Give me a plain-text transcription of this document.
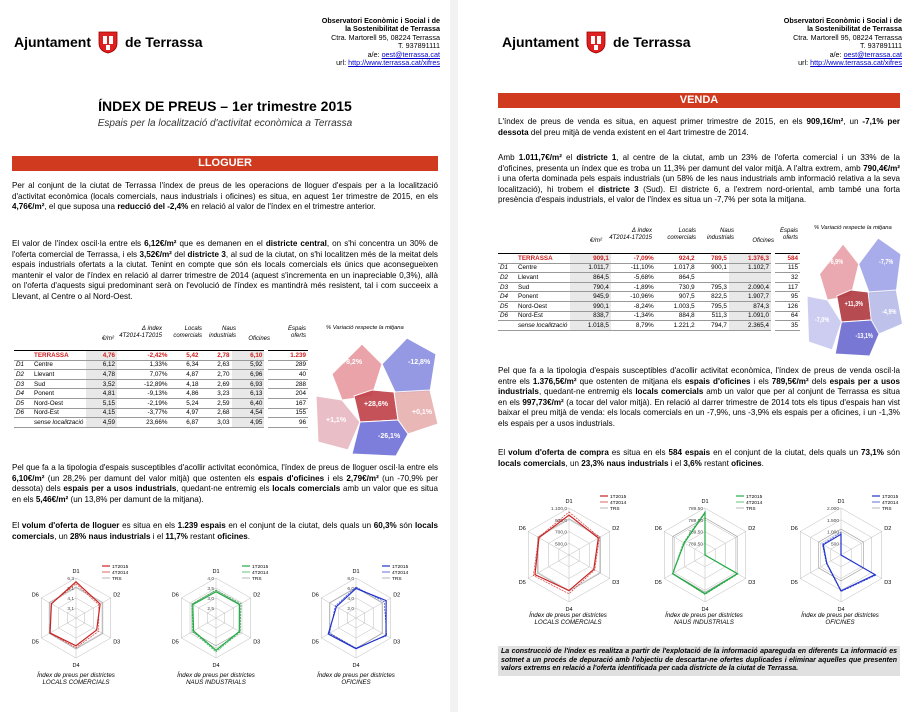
Ajuntament de Terrassa
Observatori Econòmic i Social i de
la Sostenibilitat de Terrassa
Ctra. Martorell 95, 08224 Terrassa
T. 937891111
a/e: oest@terrassa.cat
url: http://www.terrassa.cat/xifres
ÍNDEX DE PREUS – 1er trimestre 2015
Espais per la localització d'activitat econòmica a Terrassa
LLOGUER
Per al conjunt de la ciutat de Terrassa l'índex de preus de les operacions de lloguer d'espais per a la localització d'activitat econòmica (locals comercials, naus industrials i oficines) es situa, en aquest 1er trimestre de 2015, en els 4,76€/m², el que suposa una reducció del -2,4% en relació al valor de l'índex en el trimestre anterior.
El valor de l'índex oscil·la entre els 6,12€/m² que es demanen en el districte central, on s'hi concentra un 30% de l'oferta comercial de Terrassa, i els 3,52€/m² del districte 3, al sud de la ciutat, on s'hi localitzen més de la meitat dels espais industrials ofertats a la ciutat. Tenint en compte que són els locals comercials els únics que aconsegueixen mantenir el valor de l'índex en relació al darrer trimestre de 2014 (aquest s'incrementa en un inapreciable 0,3%), allà on l'oferta d'aquests sigui predominant serà on l'evolució de l'índex es mantindrà més resistent, tal i com succeeix a Llevant, al Centre o al Nord-Oest.
€/m²
Δ índex
4T2014-1T2015
Locals
comercials
Naus
industrials	Oficines
Espais
oferts
	TERRASSA	4,76	-2,42%	5,42	2,78	6,10	1.239
D1	Centre	6,12	1,33%	6,34	2,63	5,92	289
D2	Llevant	4,78	7,07%	4,87	2,70	6,96	40
D3	Sud	3,52	-12,89%	4,18	2,69	6,93	288
D4	Ponent	4,81	-9,13%	4,86	3,23	6,13	204
D5	Nord-Oest	5,15	-2,19%	5,24	2,59	6,40	167
D6	Nord-Est	4,15	-3,77%	4,97	2,68	4,54	155
	sense localització	4,59	23,66%	6,87	3,03	4,95	96
% Variació respecte la mitjana
+8,2%	-12,8%
+28,6%
+0,1%
+1,1%
-26,1%
Pel que fa a la tipologia d'espais susceptibles d'acollir activitat econòmica, l'índex de preus de lloguer oscil·la entre els 6,10€/m² (un 28,2% per damunt del valor mitjà) que ostenten els espais d'oficines i els 2,79€/m² (un -70,9% per dessota) dels espais per a usos industrials, quedant-ne entremig els locals comercials amb un valor que es situa en els 5,46€/m² (un 13,8% per damunt de la mitjana).
El volum d'oferta de lloguer es situa en els 1.239 espais en el conjunt de la ciutat, dels quals un 60,3% són locals comercials, un 28% naus industrials i el 11,7% restant oficines.
D1
D2
D3
D4
D5
D6
6,3
5,1
4,1
3,1
1T2015
4T2014
TRS
D1
D2
D3
D4
D5
D6
4,0
3,5
3,0
2,5
1T2015
4T2014
TRS
D1
D2
D3
D4
D5
D6
8,0
6,0
4,0
2,0
1T2015
4T2014
TRS
Índex de preus per districtes
LOCALS COMERCIALS
Índex de preus per districtes
NAUS INDUSTRIALS
Índex de preus per districtes
OFICINES
Ajuntament de Terrassa
Observatori Econòmic i Social i de
la Sostenibilitat de Terrassa
Ctra. Martorell 95, 08224 Terrassa
T. 937891111
a/e: oest@terrassa.cat
url: http://www.terrassa.cat/xifres
VENDA
L'índex de preus de venda es situa, en aquest primer trimestre de 2015, en els 909,1€/m², un -7,1% per dessota del preu mitjà de venda existent en el 4art trimestre de 2014.
Amb 1.011,7€/m² el districte 1, al centre de la ciutat, amb un 23% de l'oferta comercial i un 33% de la d'oficines, presenta un índex que es troba un 11,3% per damunt del valor mitjà. A l'altra extrem, amb 790,4€/m² i una oferta dominada pels espais industrials (un 58% de les naus industrials amb informació relativa a la seva localització), hi trobem el districte 3 (Sud). El districte 6, a l'extrem nord-oriental, amb també una forta presència d'espais industrials, el valor de l'índex es situa un -7,7% per sota la mitjana.
€/m²
Δ índex
4T2014-1T2015
Locals
comercials
Naus
industrials	Oficines
Espais
oferts
	TERRASSA	909,1	-7,09%	924,2	789,5	1.376,3	584
D1	Centre	1.011,7	-11,10%	1.017,8	900,1	1.102,7	115
D2	Llevant	864,5	-5,68%	864,5			32
D3	Sud	790,4	-1,89%	730,9	795,3	2.090,4	117
D4	Ponent	945,9	-10,96%	907,5	822,5	1.907,7	95
D5	Nord-Oest	990,1	-8,24%	1.003,5	795,5	874,3	126
D6	Nord-Est	838,7	-1,34%	884,8	511,3	1.091,0	64
	sense localització	1.018,5	8,79%	1.221,2	794,7	2.365,4	35
% Variació respecte la mitjana
+6,9%	-7,7%
+11,3%
-4,9%
-7,0%
-13,1%
Pel que fa a la tipologia d'espais susceptibles d'acollir activitat econòmica, l'índex de preus de venda oscil·la entre els 1.376,5€/m² que ostenten de mitjana els espais d'oficines i els 789,5€/m² dels espais per a usos industrials, quedant-ne entremig els locals comercials amb un valor que per al conjunt de Terrassa es situa en els 997,73€/m² (a tocar del valor mitjà). En relació al darrer trimestre de 2014 tots els tipus d'espais han vist baixar el preu mitjà de venda: els locals comercials en un -7,9%, uns -3,9% els espais per a oficines, i un -1,3% els espais per a usos industrials.
El volum d'oferta de compra es situa en els 584 espais en el conjunt de la ciutat, dels quals un 73,1% són locals comercials, un 23,3% naus industrials i el 3,6% restant oficines.
D1
D2
D3
D4
D5
D6
1.100,0
900,0
700,0
500,0
1T2015
4T2014
TRS
D1
D2
D3
D4
D5
D6
789,50
789,50
789,50
789,50
1T2015
4T2014
TRS
D1
D2
D3
D4
D5
D6
2.000
1.500
1.000
500
1T2015
4T2014
TRS
Índex de preus per districtes
LOCALS COMERCIALS
Índex de preus per districtes
NAUS INDUSTRIALS
Índex de preus per districtes
OFICINES
La construcció de l'índex es realitza a partir de l'explotació de la informació apareguda en diferents La informació es sotmet a un procés de depuració amb l'objectiu de descartar-ne ofertes duplicades i eliminar aquelles que presenten valors extrems en relació a l'oferta identificada per cada districte de la ciutat de Terrassa.
